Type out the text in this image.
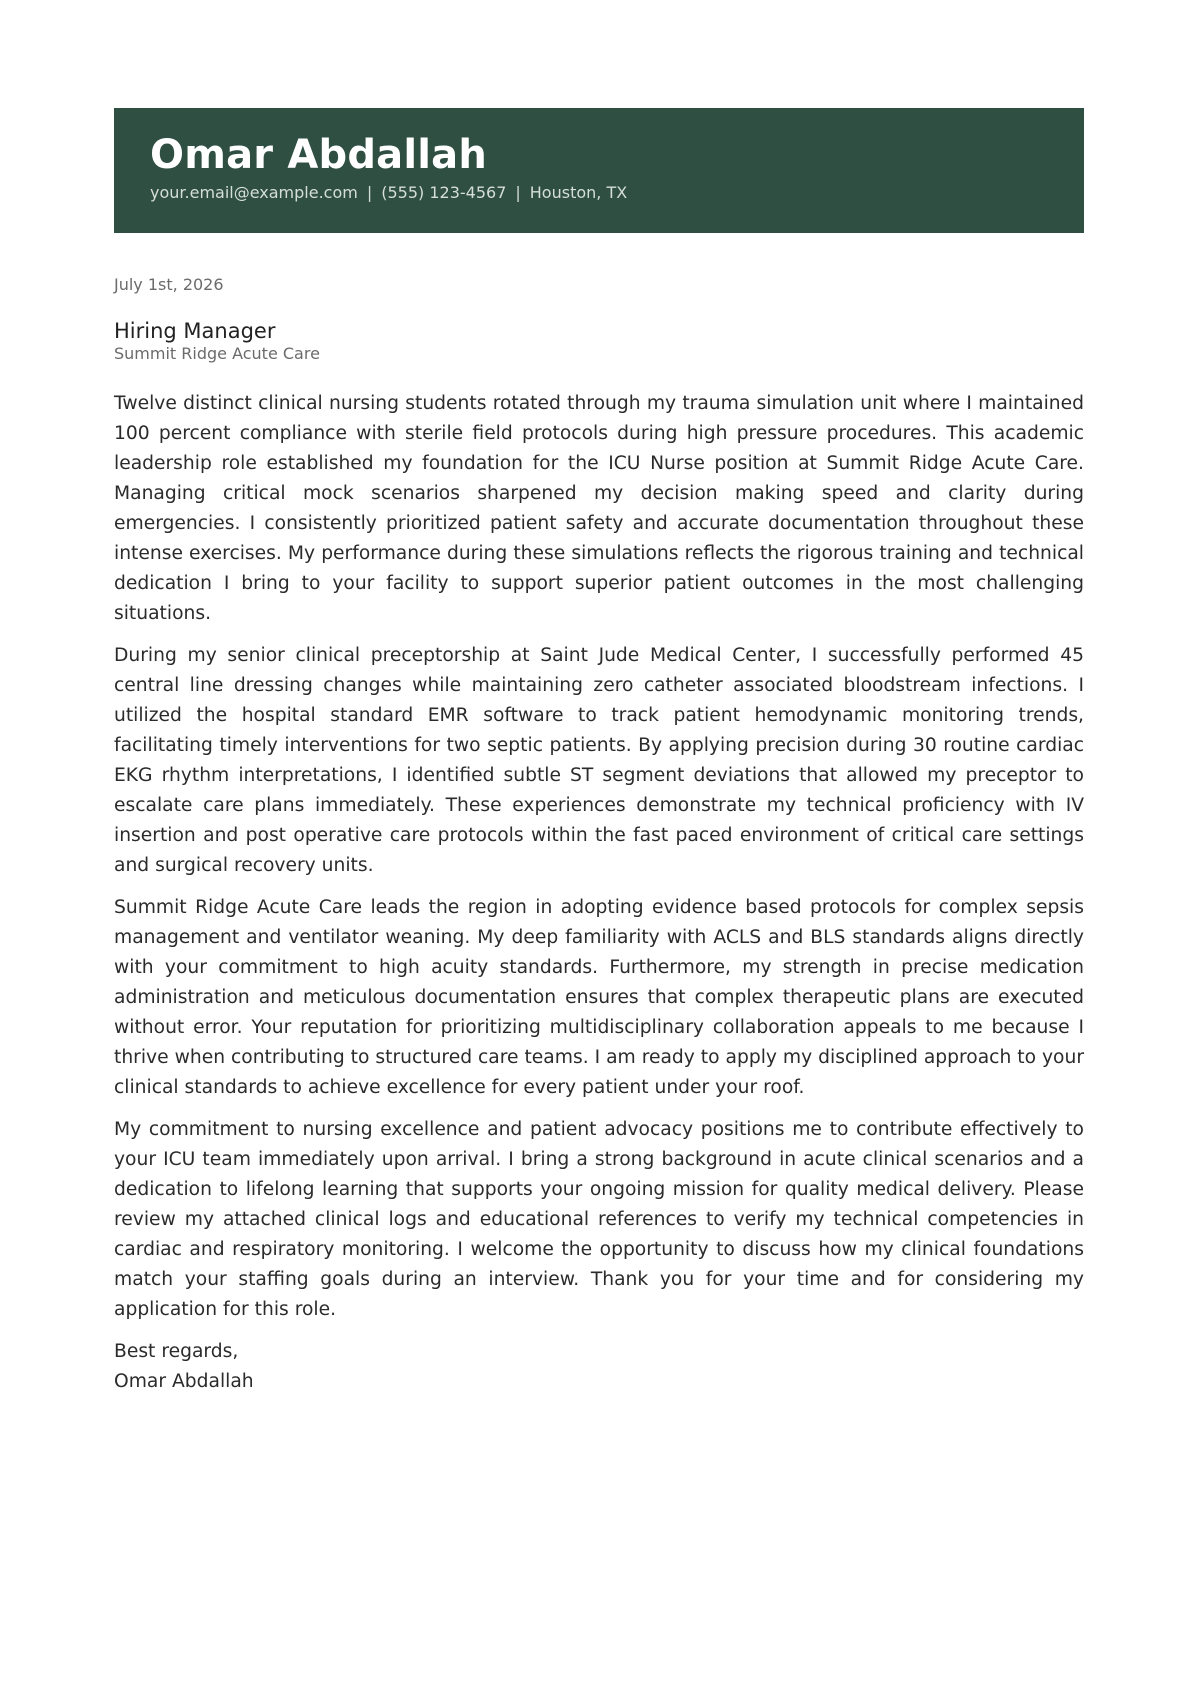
Omar Abdallah
your.email@example.com | (555) 123-4567 | Houston, TX
July 1st, 2026
Hiring Manager
Summit Ridge Acute Care

Twelve distinct clinical nursing students rotated through my trauma simulation unit where I maintained 100 percent compliance with sterile field protocols during high pressure procedures. This academic leadership role established my foundation for the ICU Nurse position at Summit Ridge Acute Care. Managing critical mock scenarios sharpened my decision making speed and clarity during emergencies. I consistently prioritized patient safety and accurate documentation throughout these intense exercises. My performance during these simulations reflects the rigorous training and technical dedication I bring to your facility to support superior patient outcomes in the most challenging situations.

During my senior clinical preceptorship at Saint Jude Medical Center, I successfully performed 45 central line dressing changes while maintaining zero catheter associated bloodstream infections. I utilized the hospital standard EMR software to track patient hemodynamic monitoring trends, facilitating timely interventions for two septic patients. By applying precision during 30 routine cardiac EKG rhythm interpretations, I identified subtle ST segment deviations that allowed my preceptor to escalate care plans immediately. These experiences demonstrate my technical proficiency with IV insertion and post operative care protocols within the fast paced environment of critical care settings and surgical recovery units.

Summit Ridge Acute Care leads the region in adopting evidence based protocols for complex sepsis management and ventilator weaning. My deep familiarity with ACLS and BLS standards aligns directly with your commitment to high acuity standards. Furthermore, my strength in precise medication administration and meticulous documentation ensures that complex therapeutic plans are executed without error. Your reputation for prioritizing multidisciplinary collaboration appeals to me because I thrive when contributing to structured care teams. I am ready to apply my disciplined approach to your clinical standards to achieve excellence for every patient under your roof.

My commitment to nursing excellence and patient advocacy positions me to contribute effectively to your ICU team immediately upon arrival. I bring a strong background in acute clinical scenarios and a dedication to lifelong learning that supports your ongoing mission for quality medical delivery. Please review my attached clinical logs and educational references to verify my technical competencies in cardiac and respiratory monitoring. I welcome the opportunity to discuss how my clinical foundations match your staffing goals during an interview. Thank you for your time and for considering my application for this role.

Best regards,
Omar Abdallah
